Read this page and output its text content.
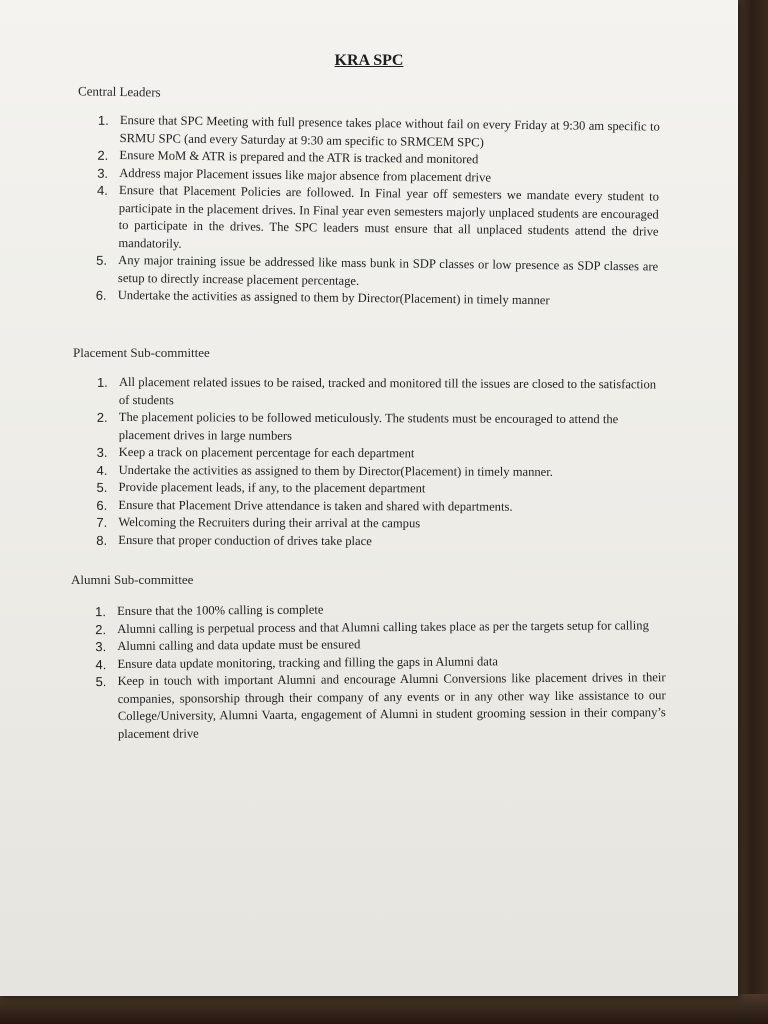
KRA SPC
Central Leaders
1. Ensure that SPC Meeting with full presence takes place without fail on every Friday at 9:30 am specific to SRMU SPC (and every Saturday at 9:30 am specific to SRMCEM SPC)
2. Ensure MoM & ATR is prepared and the ATR is tracked and monitored
3. Address major Placement issues like major absence from placement drive
4. Ensure that Placement Policies are followed. In Final year off semesters we mandate every student to participate in the placement drives. In Final year even semesters majorly unplaced students are encouraged to participate in the drives. The SPC leaders must ensure that all unplaced students attend the drive mandatorily.
5. Any major training issue be addressed like mass bunk in SDP classes or low presence as SDP classes are setup to directly increase placement percentage.
6. Undertake the activities as assigned to them by Director(Placement) in timely manner
Placement Sub-committee
1. All placement related issues to be raised, tracked and monitored till the issues are closed to the satisfaction of students
2. The placement policies to be followed meticulously. The students must be encouraged to attend the placement drives in large numbers
3. Keep a track on placement percentage for each department
4. Undertake the activities as assigned to them by Director(Placement) in timely manner.
5. Provide placement leads, if any, to the placement department
6. Ensure that Placement Drive attendance is taken and shared with departments.
7. Welcoming the Recruiters during their arrival at the campus
8. Ensure that proper conduction of drives take place
Alumni Sub-committee
1. Ensure that the 100% calling is complete
2. Alumni calling is perpetual process and that Alumni calling takes place as per the targets setup for calling
3. Alumni calling and data update must be ensured
4. Ensure data update monitoring, tracking and filling the gaps in Alumni data
5. Keep in touch with important Alumni and encourage Alumni Conversions like placement drives in their companies, sponsorship through their company of any events or in any other way like assistance to our College/University, Alumni Vaarta, engagement of Alumni in student grooming session in their company’s placement drive
